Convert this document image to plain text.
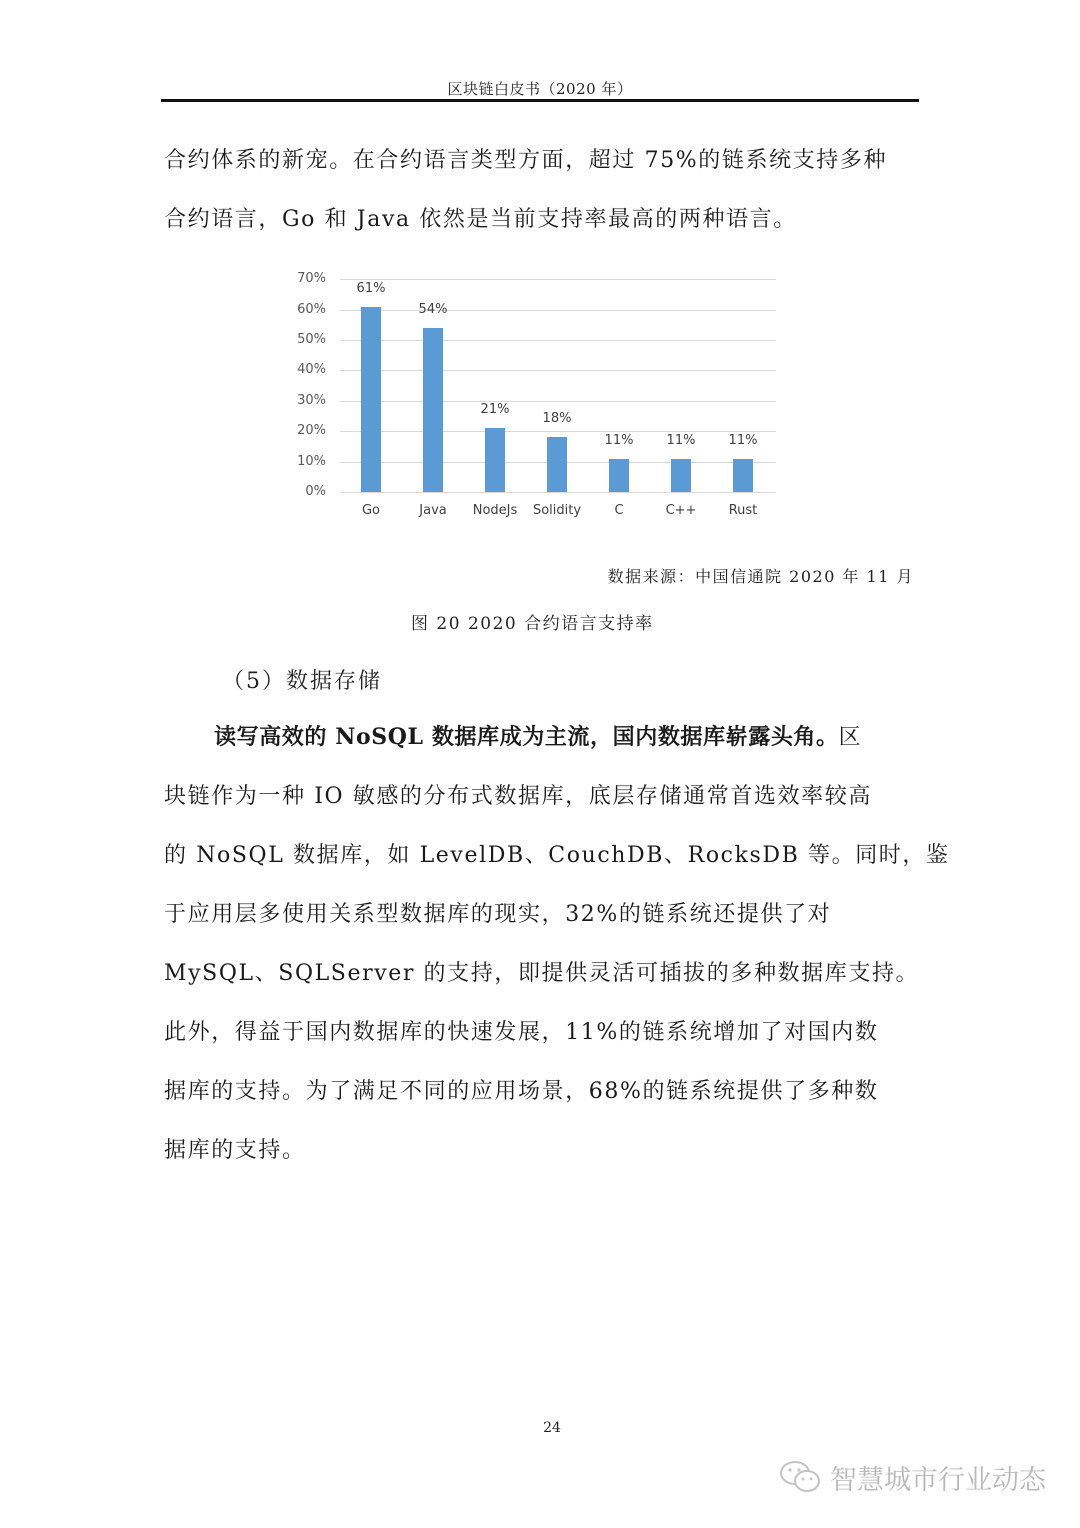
区块链白皮书（2020 年）
合约体系的新宠。在合约语言类型方面，超过 75%的链系统支持多种
合约语言，Go 和 Java 依然是当前支持率最高的两种语言。
0%
10%
20%
30%
40%
50%
60%
70%
61%
Go
54%
Java
21%
NodeJs
18%
Solidity
11%
C
11%
C++
11%
Rust
数据来源：中国信通院 2020 年 11 月
图 20 2020 合约语言支持率
（5）数据存储
读写高效的 NoSQL 数据库成为主流，国内数据库崭露头角。区
块链作为一种 IO 敏感的分布式数据库，底层存储通常首选效率较高
的 NoSQL 数据库，如 LevelDB、CouchDB、RocksDB 等。同时，鉴
于应用层多使用关系型数据库的现实，32%的链系统还提供了对
MySQL、SQLServer 的支持，即提供灵活可插拔的多种数据库支持。
此外，得益于国内数据库的快速发展，11%的链系统增加了对国内数
据库的支持。为了满足不同的应用场景，68%的链系统提供了多种数
据库的支持。
24
智慧城市行业动态
